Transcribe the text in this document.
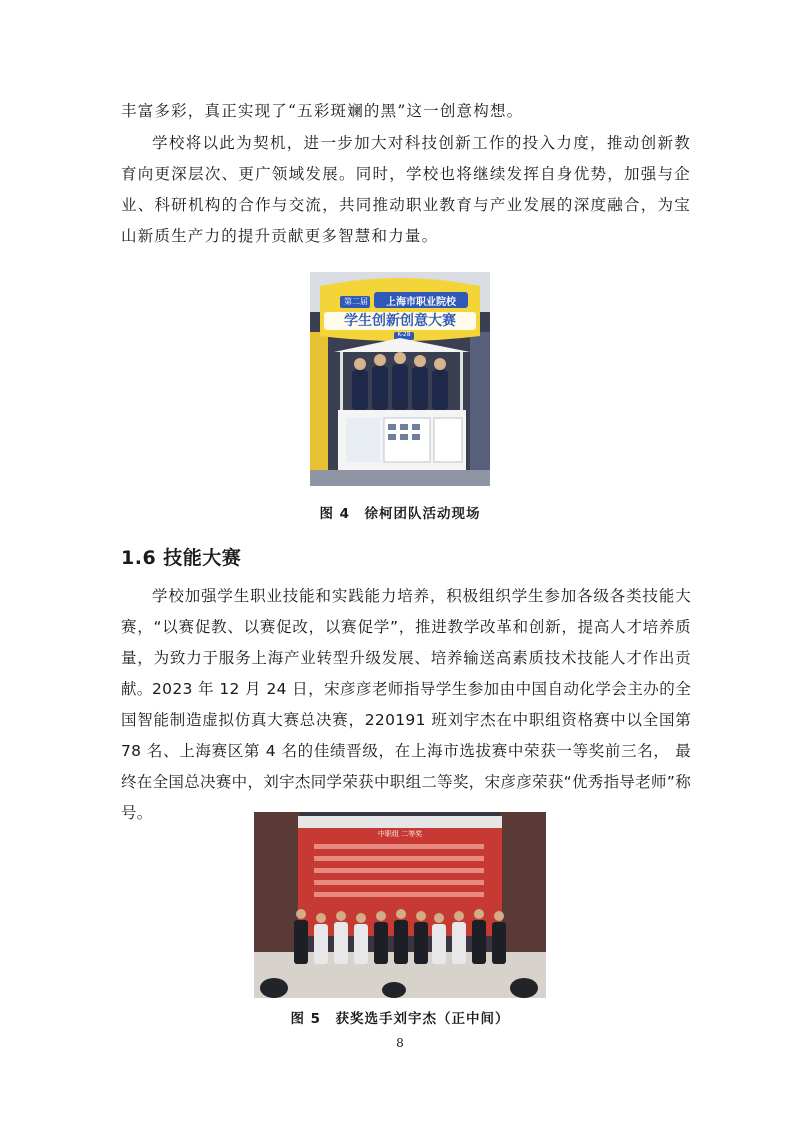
丰富多彩，真正实现了“五彩斑斓的黑”这一创意构想。

学校将以此为契机，进一步加大对科技创新工作的投入力度，推动创新教育向更深层次、更广领域发展。同时，学校也将继续发挥自身优势，加强与企业、科研机构的合作与交流，共同推动职业教育与产业发展的深度融合，为宝山新质生产力的提升贡献更多智慧和力量。

第二届	上海市职业院校
学生创新创意大赛
K-28
图 4　徐柯团队活动现场
1.6 技能大赛

学校加强学生职业技能和实践能力培养，积极组织学生参加各级各类技能大赛，“以赛促教、以赛促改，以赛促学”，推进教学改革和创新，提高人才培养质量，为致力于服务上海产业转型升级发展、培养输送高素质技术技能人才作出贡献。 2023 年 12 月 24 日，宋彦彦老师指导学生参加由中国自动化学会主办的全国智能制造虚拟仿真大赛总决赛，220191 班刘宇杰在中职组资格赛中以全国第 78 名、上海赛区第 4 名的佳绩晋级，在上海市选拔赛中荣获一等奖前三名， 最终在全国总决赛中，刘宇杰同学荣获中职组二等奖，宋彦彦荣获“优秀指导老师”称号。

中职组 二等奖
图 5　获奖选手刘宇杰（正中间）
8
